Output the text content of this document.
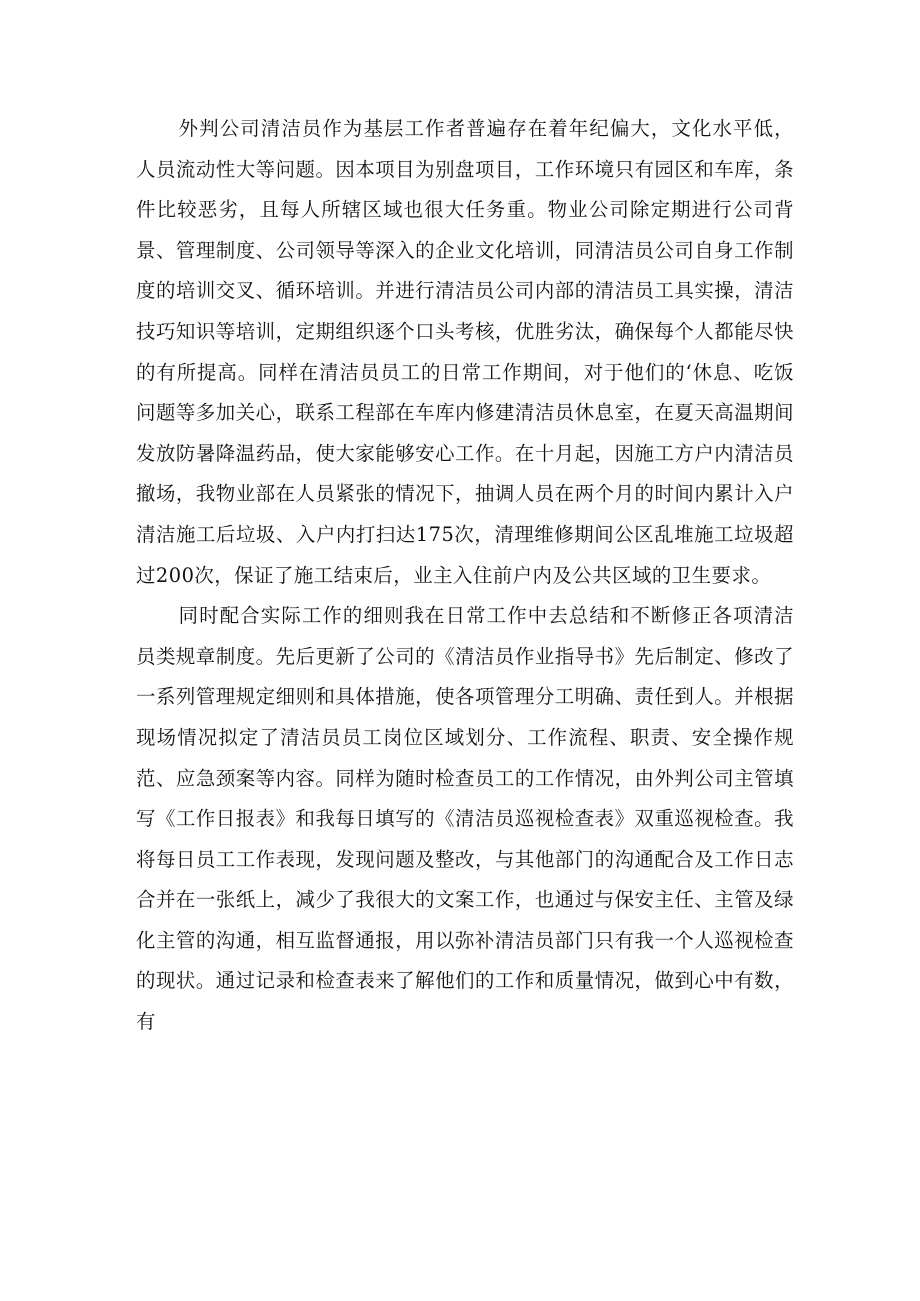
外判公司清洁员作为基层工作者普遍存在着年纪偏大，文化水平低，人员流动性大等问题。因本项目为别盘项目，工作环境只有园区和车库，条件比较恶劣，且每人所辖区域也很大任务重。物业公司除定期进行公司背景、管理制度、公司领导等深入的企业文化培训，同清洁员公司自身工作制度的培训交叉、循环培训。并进行清洁员公司内部的清洁员工具实操，清洁技巧知识等培训，定期组织逐个口头考核，优胜劣汰，确保每个人都能尽快的有所提高。同样在清洁员员工的日常工作期间，对于他们的‘休息、吃饭问题等多加关心，联系工程部在车库内修建清洁员休息室，在夏天高温期间发放防暑降温药品，使大家能够安心工作。在十月起，因施工方户内清洁员撤场，我物业部在人员紧张的情况下，抽调人员在两个月的时间内累计入户清洁施工后垃圾、入户内打扫达175次，清理维修期间公区乱堆施工垃圾超过200次，保证了施工结束后，业主入住前户内及公共区域的卫生要求。

同时配合实际工作的细则我在日常工作中去总结和不断修正各项清洁员类规章制度。先后更新了公司的《清洁员作业指导书》先后制定、修改了一系列管理规定细则和具体措施，使各项管理分工明确、责任到人。并根据现场情况拟定了清洁员员工岗位区域划分、工作流程、职责、安全操作规范、应急颈案等内容。同样为随时检查员工的工作情况，由外判公司主管填写《工作日报表》和我每日填写的《清洁员巡视检查表》双重巡视检查。我将每日员工工作表现，发现问题及整改，与其他部门的沟通配合及工作日志合并在一张纸上，减少了我很大的文案工作，也通过与保安主任、主管及绿化主管的沟通，相互监督通报，用以弥补清洁员部门只有我一个人巡视检查的现状。通过记录和检查表来了解他们的工作和质量情况，做到心中有数，有
